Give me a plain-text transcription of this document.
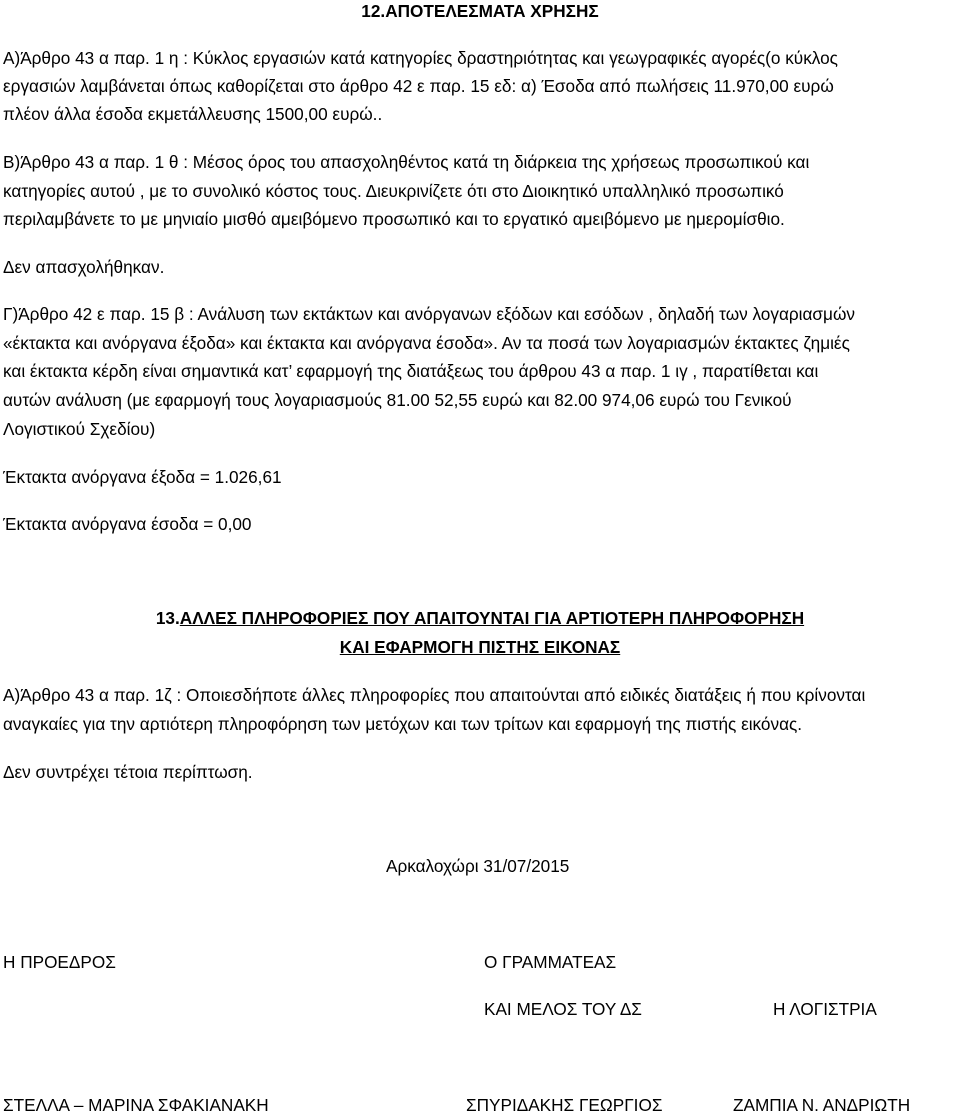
12.ΑΠΟΤΕΛΕΣΜΑΤΑ ΧΡΗΣΗΣ
Α)Άρθρο 43 α παρ. 1 η : Κύκλος εργασιών κατά κατηγορίες δραστηριότητας και γεωγραφικές αγορές(ο κύκλος
εργασιών λαμβάνεται όπως καθορίζεται στο άρθρο 42 ε παρ. 15 εδ: α) Έσοδα από πωλήσεις 11.970,00 ευρώ
πλέον άλλα έσοδα εκμετάλλευσης 1500,00 ευρώ..
Β)Άρθρο 43 α παρ. 1 θ : Μέσος όρος του απασχοληθέντος κατά τη διάρκεια της χρήσεως προσωπικού και
κατηγορίες αυτού , με το συνολικό κόστος τους. Διευκρινίζετε ότι στο Διοικητικό υπαλληλικό προσωπικό
περιλαμβάνετε το με μηνιαίο μισθό αμειβόμενο προσωπικό και το εργατικό αμειβόμενο με ημερομίσθιο.
Δεν απασχολήθηκαν.
Γ)Άρθρο 42 ε παρ. 15 β : Ανάλυση των εκτάκτων και ανόργανων εξόδων και εσόδων , δηλαδή των λογαριασμών
«έκτακτα και ανόργανα έξοδα» και έκτακτα και ανόργανα έσοδα». Αν τα ποσά των λογαριασμών έκτακτες ζημιές
και έκτακτα κέρδη είναι σημαντικά κατ’ εφαρμογή της διατάξεως του άρθρου 43 α παρ. 1 ιγ , παρατίθεται και
αυτών ανάλυση (με εφαρμογή τους λογαριασμούς 81.00 52,55 ευρώ και 82.00 974,06 ευρώ του Γενικού
Λογιστικού Σχεδίου)
Έκτακτα ανόργανα έξοδα = 1.026,61
Έκτακτα ανόργανα έσοδα = 0,00
13.ΑΛΛΕΣ ΠΛΗΡΟΦΟΡΙΕΣ ΠΟΥ ΑΠΑΙΤΟΥΝΤΑΙ ΓΙΑ ΑΡΤΙΟΤΕΡΗ ΠΛΗΡΟΦΟΡΗΣΗ
ΚΑΙ ΕΦΑΡΜΟΓΗ ΠΙΣΤΗΣ ΕΙΚΟΝΑΣ
Α)Άρθρο 43 α παρ. 1ζ : Οποιεσδήποτε άλλες πληροφορίες που απαιτούνται από ειδικές διατάξεις ή που κρίνονται
αναγκαίες για την αρτιότερη πληροφόρηση των μετόχων και των τρίτων και εφαρμογή της πιστής εικόνας.
Δεν συντρέχει τέτοια περίπτωση.
Αρκαλοχώρι 31/07/2015
Η ΠΡΟΕΔΡΟΣ	Ο ΓΡΑΜΜΑΤΕΑΣ
ΚΑΙ ΜΕΛΟΣ ΤΟΥ ΔΣ	Η ΛΟΓΙΣΤΡΙΑ
ΣΤΕΛΛΑ – ΜΑΡΙΝΑ ΣΦΑΚΙΑΝΑΚΗ	ΣΠΥΡΙΔΑΚΗΣ ΓΕΩΡΓΙΟΣ	ΖΑΜΠΙΑ Ν. ΑΝΔΡΙΩΤΗ
